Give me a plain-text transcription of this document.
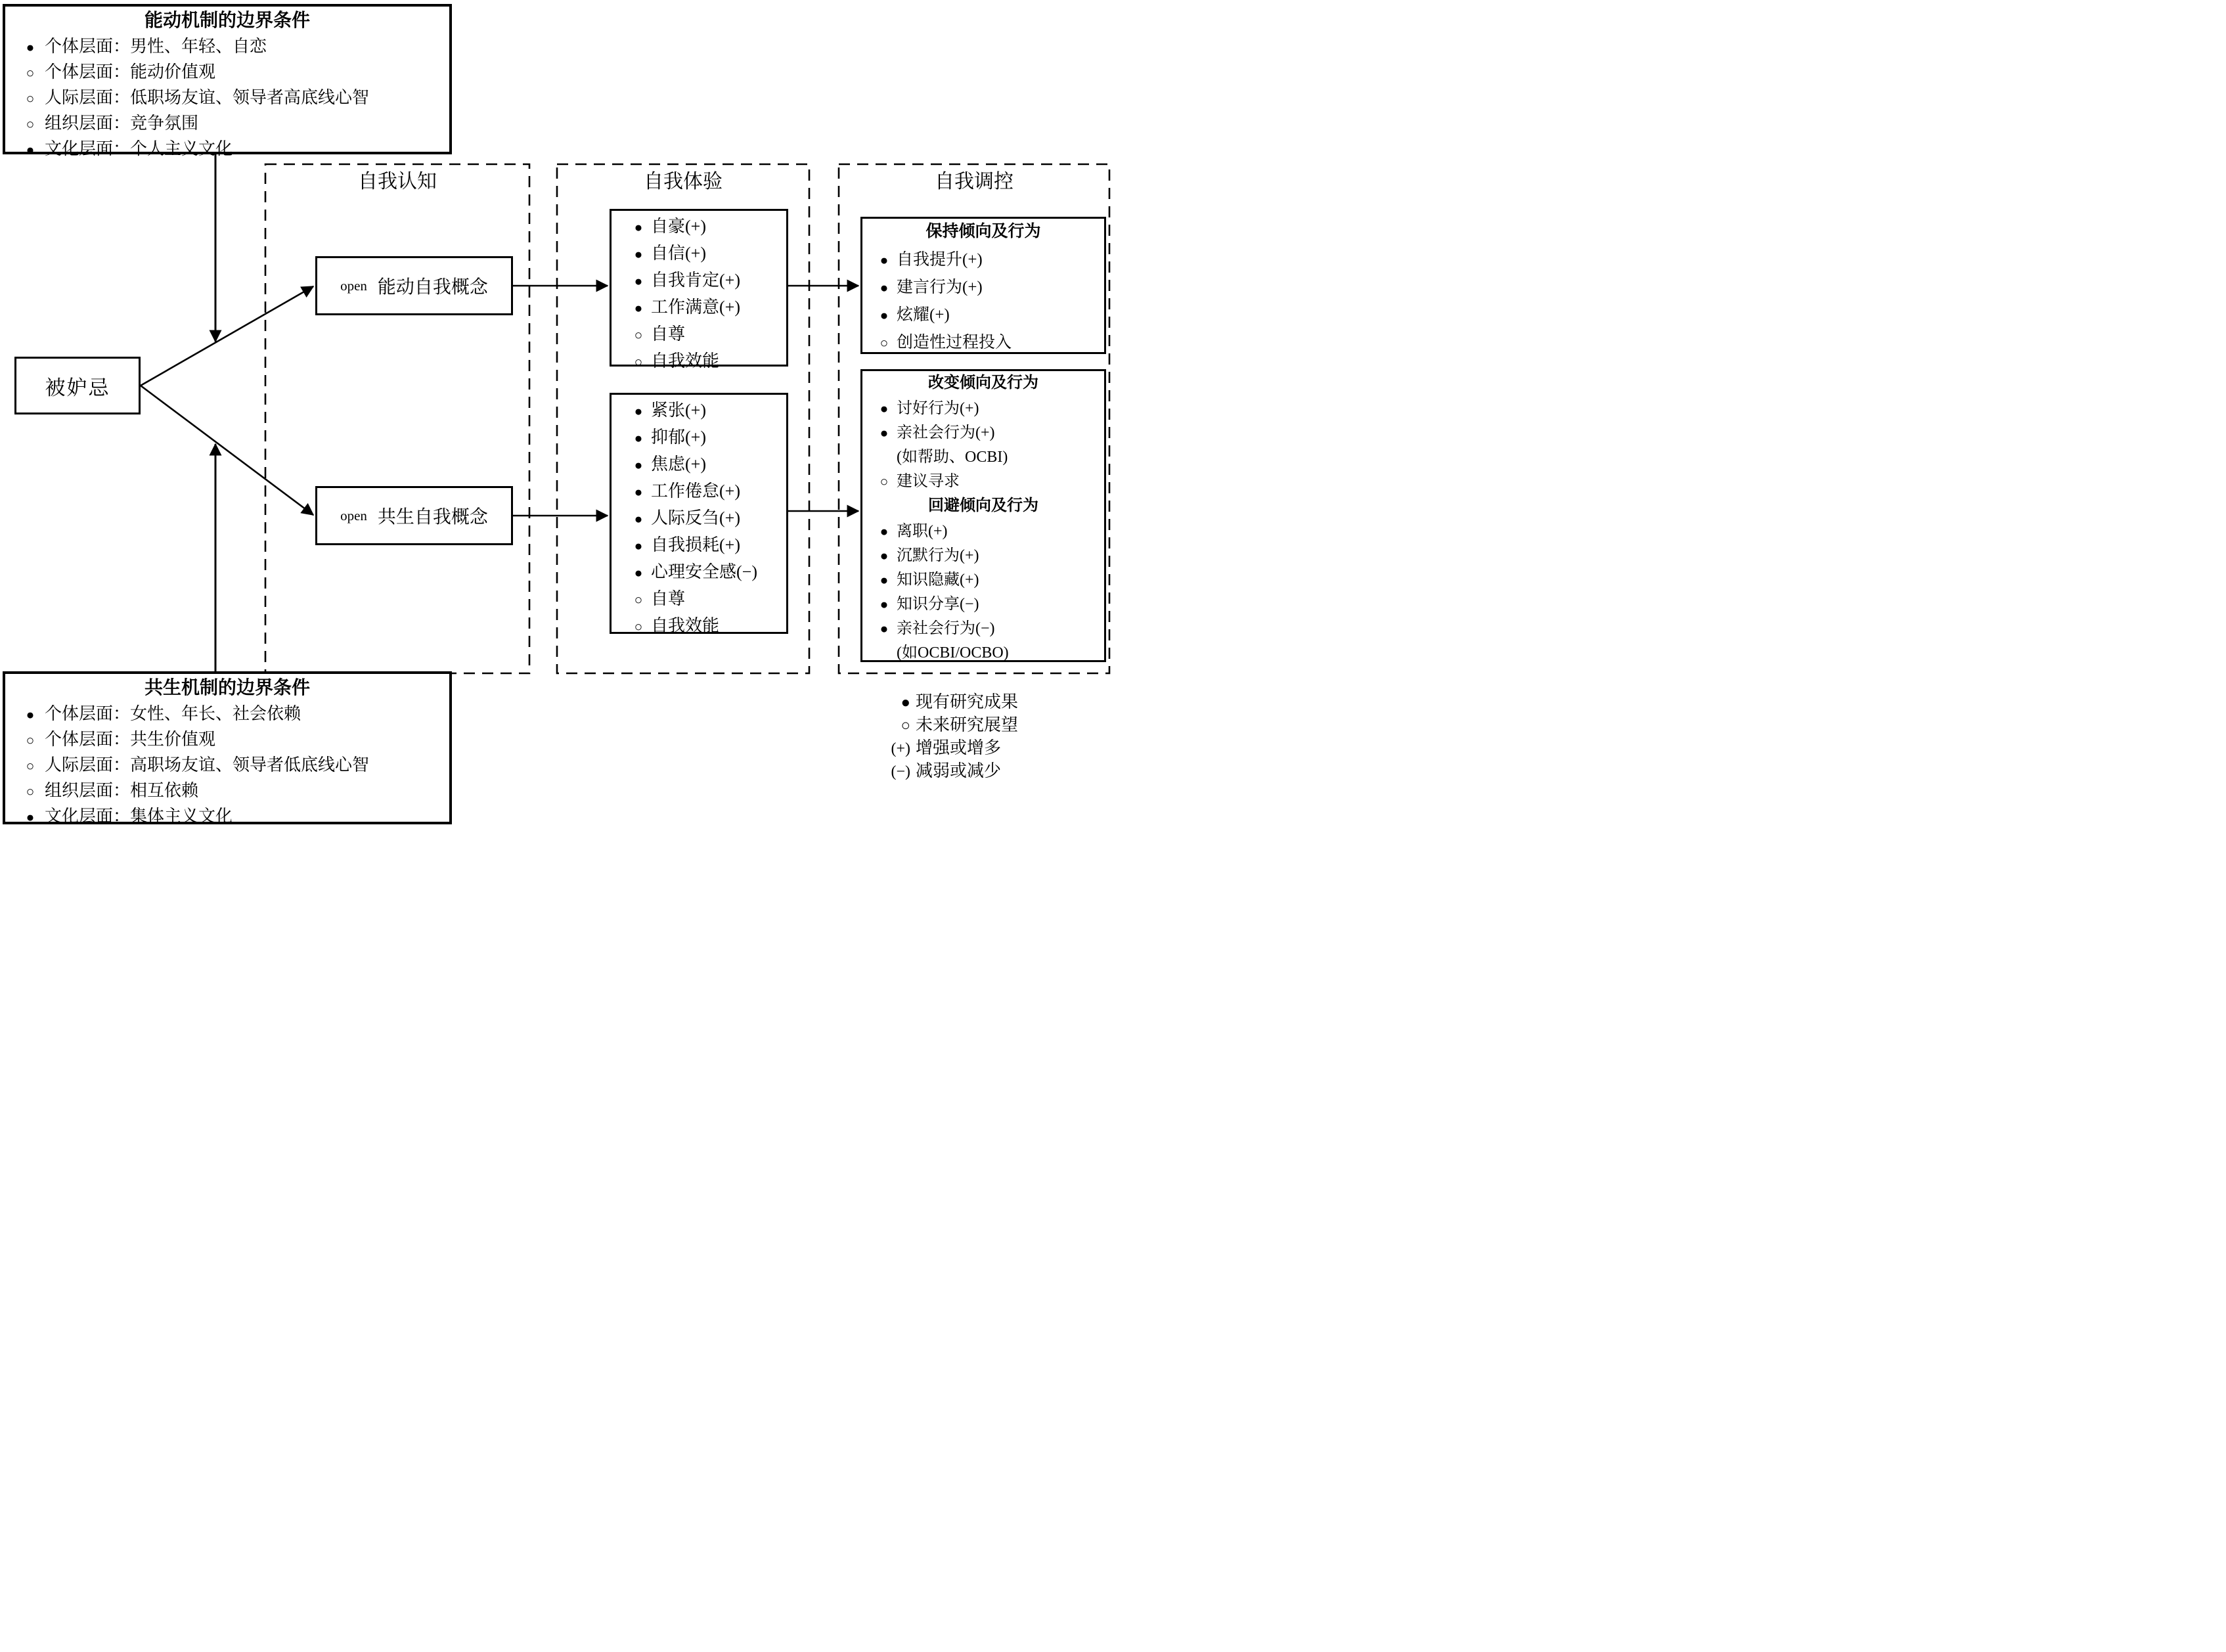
能动机制的边界条件
● 个体层面：男性、年轻、自恋
○ 个体层面：能动价值观
○ 人际层面：低职场友谊、领导者高底线心智
○ 组织层面：竞争氛围
● 文化层面：个人主义文化
共生机制的边界条件
● 个体层面：女性、年长、社会依赖
○ 个体层面：共生价值观
○ 人际层面：高职场友谊、领导者低底线心智
○ 组织层面：相互依赖
● 文化层面：集体主义文化
被妒忌
自我认知	自我体验	自我调控
open 能动自我概念
open 共生自我概念
● 自豪(+)
● 自信(+)
● 自我肯定(+)
● 工作满意(+)
○ 自尊
○ 自我效能
● 紧张(+)
● 抑郁(+)
● 焦虑(+)
● 工作倦怠(+)
● 人际反刍(+)
● 自我损耗(+)
● 心理安全感(−)
○ 自尊
○ 自我效能
保持倾向及行为
● 自我提升(+)
● 建言行为(+)
● 炫耀(+)
○ 创造性过程投入
改变倾向及行为
● 讨好行为(+)
● 亲社会行为(+)
(如帮助、OCBI)
○ 建议寻求
回避倾向及行为
● 离职(+)
● 沉默行为(+)
● 知识隐藏(+)
● 知识分享(−)
● 亲社会行为(−)
(如OCBI/OCBO)
● 现有研究成果
○ 未来研究展望
(+) 增强或增多
(−) 减弱或减少
